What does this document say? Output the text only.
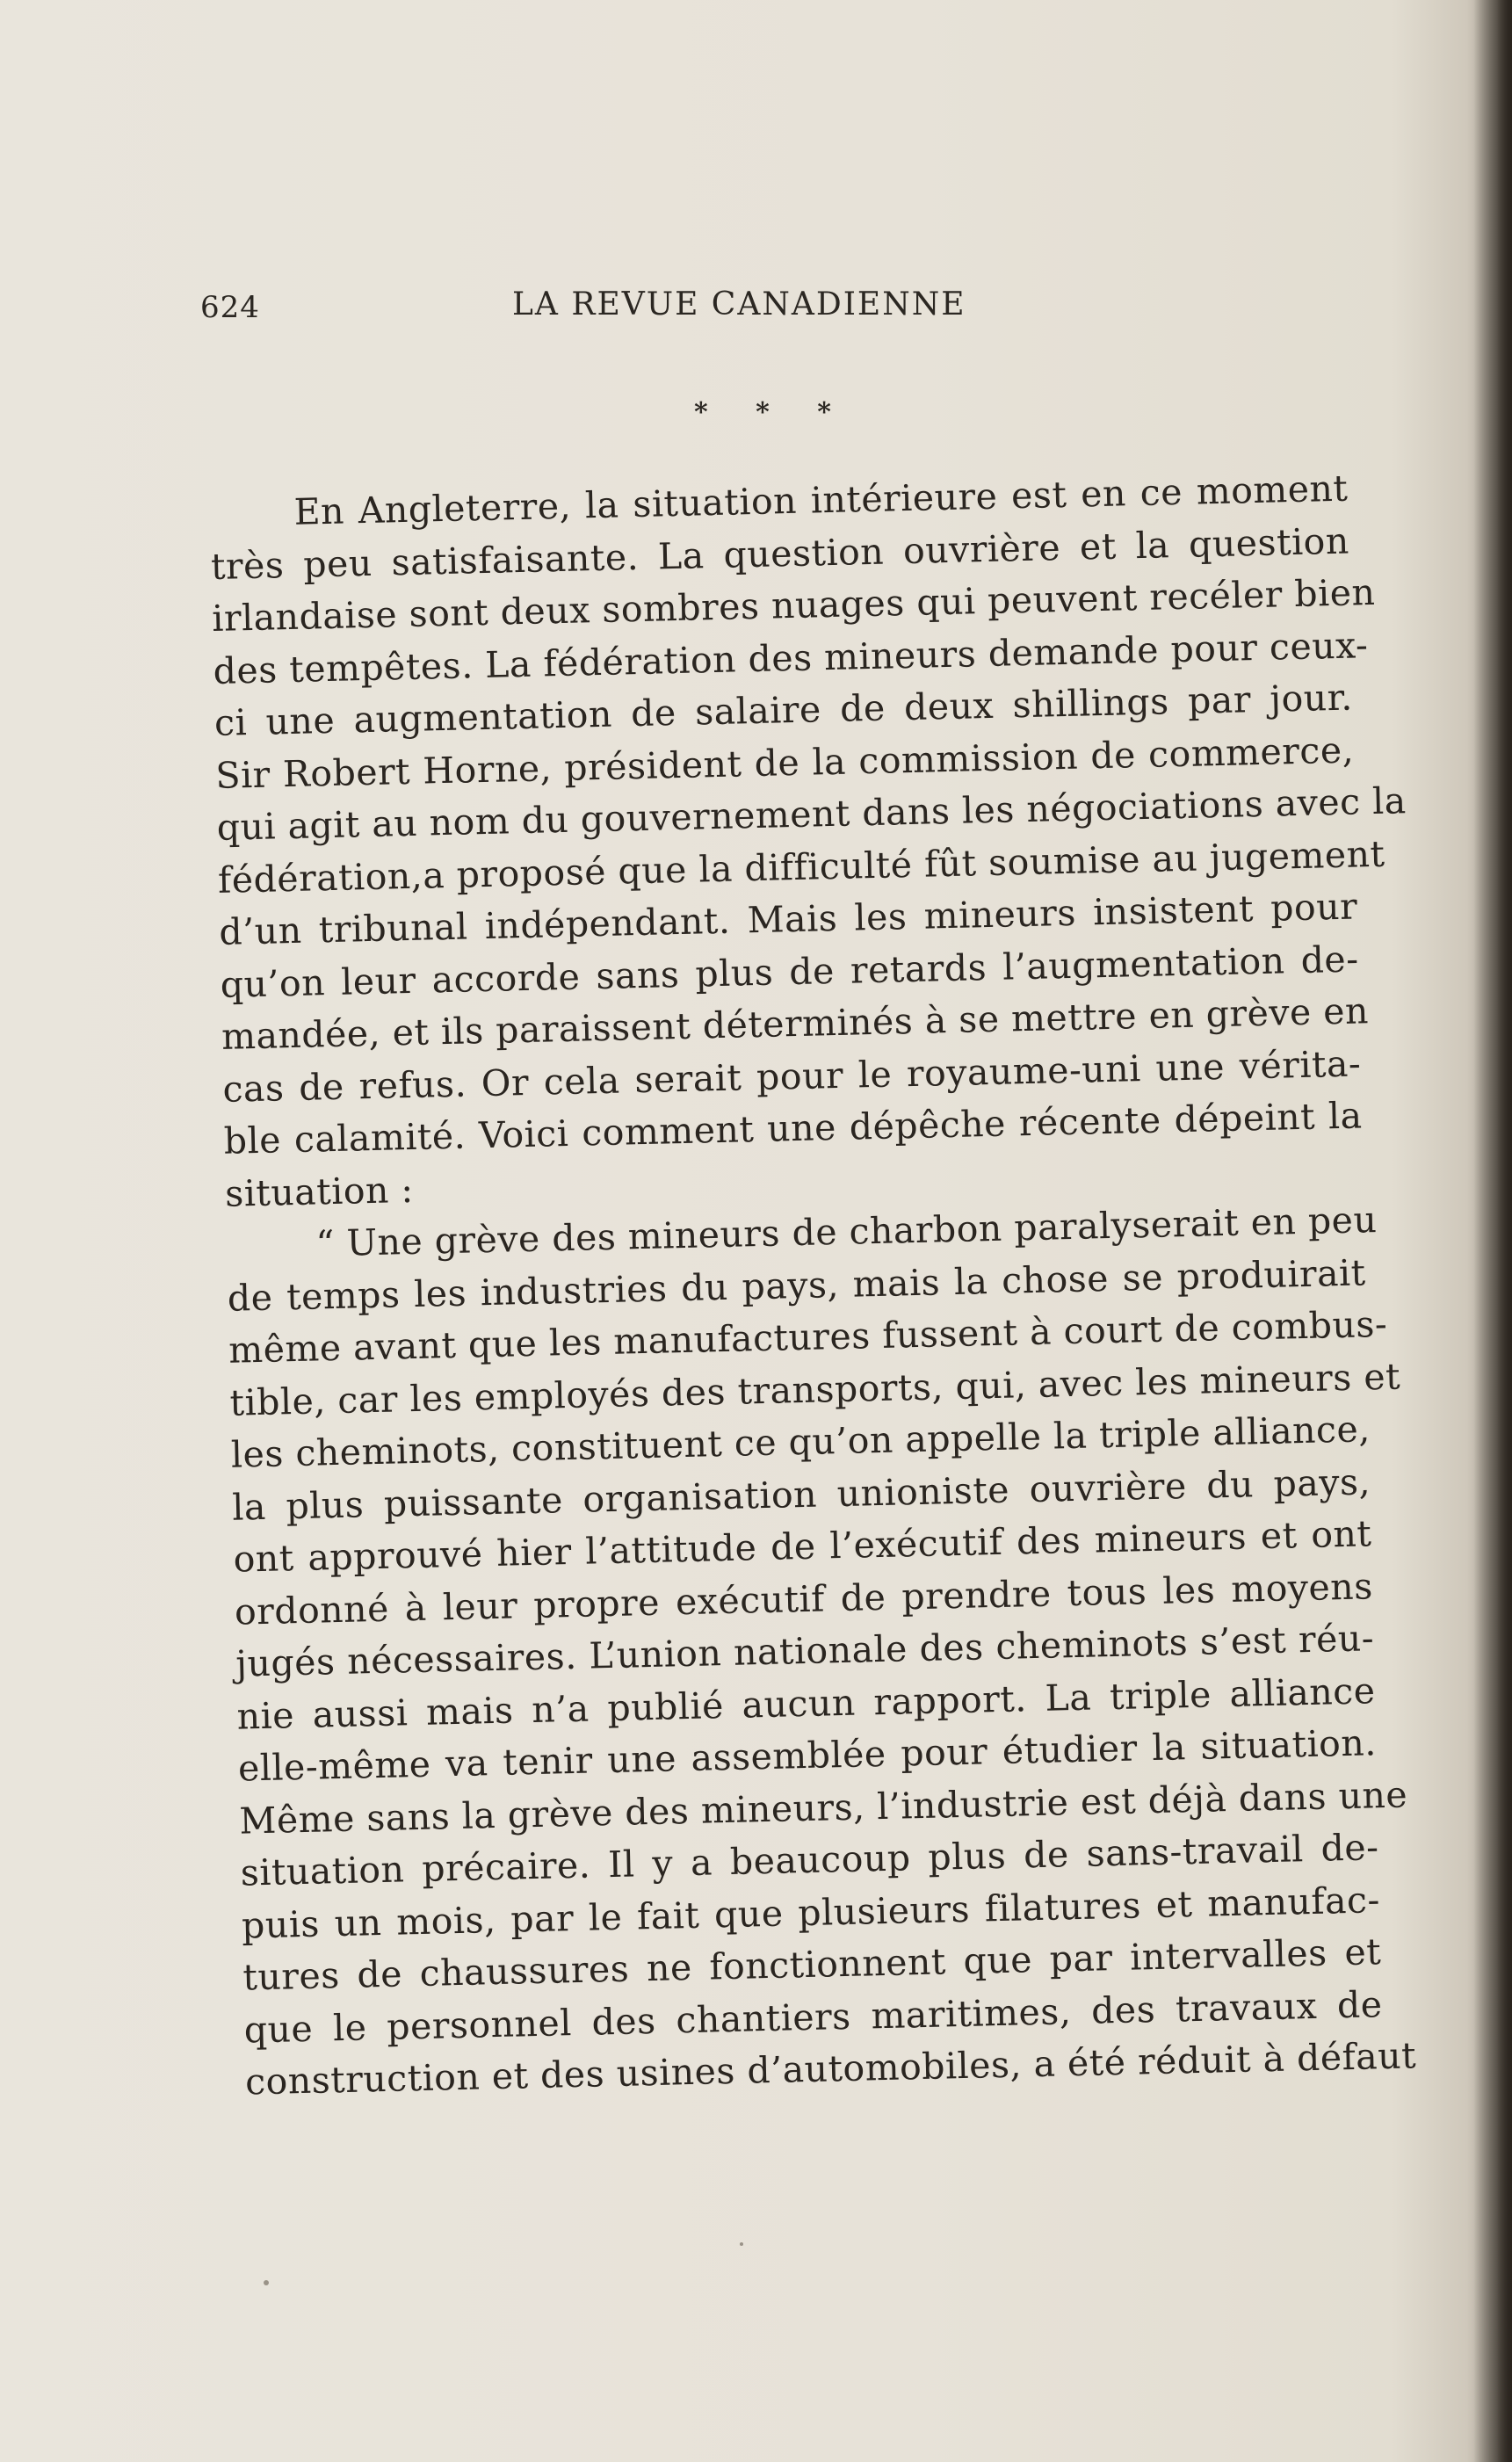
624	LA REVUE CANADIENNE
* * *
En Angleterre, la situation intérieure est en ce moment
très peu satisfaisante. La question ouvrière et la question
irlandaise sont deux sombres nuages qui peuvent recéler bien
des tempêtes. La fédération des mineurs demande pour ceux-
ci une augmentation de salaire de deux shillings par jour.
Sir Robert Horne, président de la commission de commerce,
qui agit au nom du gouvernement dans les négociations avec la
fédération,a proposé que la difficulté fût soumise au jugement
d’un tribunal indépendant. Mais les mineurs insistent pour
qu’on leur accorde sans plus de retards l’augmentation de-
mandée, et ils paraissent déterminés à se mettre en grève en
cas de refus. Or cela serait pour le royaume-uni une vérita-
ble calamité. Voici comment une dépêche récente dépeint la
situation :
“ Une grève des mineurs de charbon paralyserait en peu
de temps les industries du pays, mais la chose se produirait
même avant que les manufactures fussent à court de combus-
tible, car les employés des transports, qui, avec les mineurs et
les cheminots, constituent ce qu’on appelle la triple alliance,
la plus puissante organisation unioniste ouvrière du pays,
ont approuvé hier l’attitude de l’exécutif des mineurs et ont
ordonné à leur propre exécutif de prendre tous les moyens
jugés nécessaires. L’union nationale des cheminots s’est réu-
nie aussi mais n’a publié aucun rapport. La triple alliance
elle-même va tenir une assemblée pour étudier la situation.
Même sans la grève des mineurs, l’industrie est déjà dans une
situation précaire. Il y a beaucoup plus de sans-travail de-
puis un mois, par le fait que plusieurs filatures et manufac-
tures de chaussures ne fonctionnent que par intervalles et
que le personnel des chantiers maritimes, des travaux de
construction et des usines d’automobiles, a été réduit à défaut
